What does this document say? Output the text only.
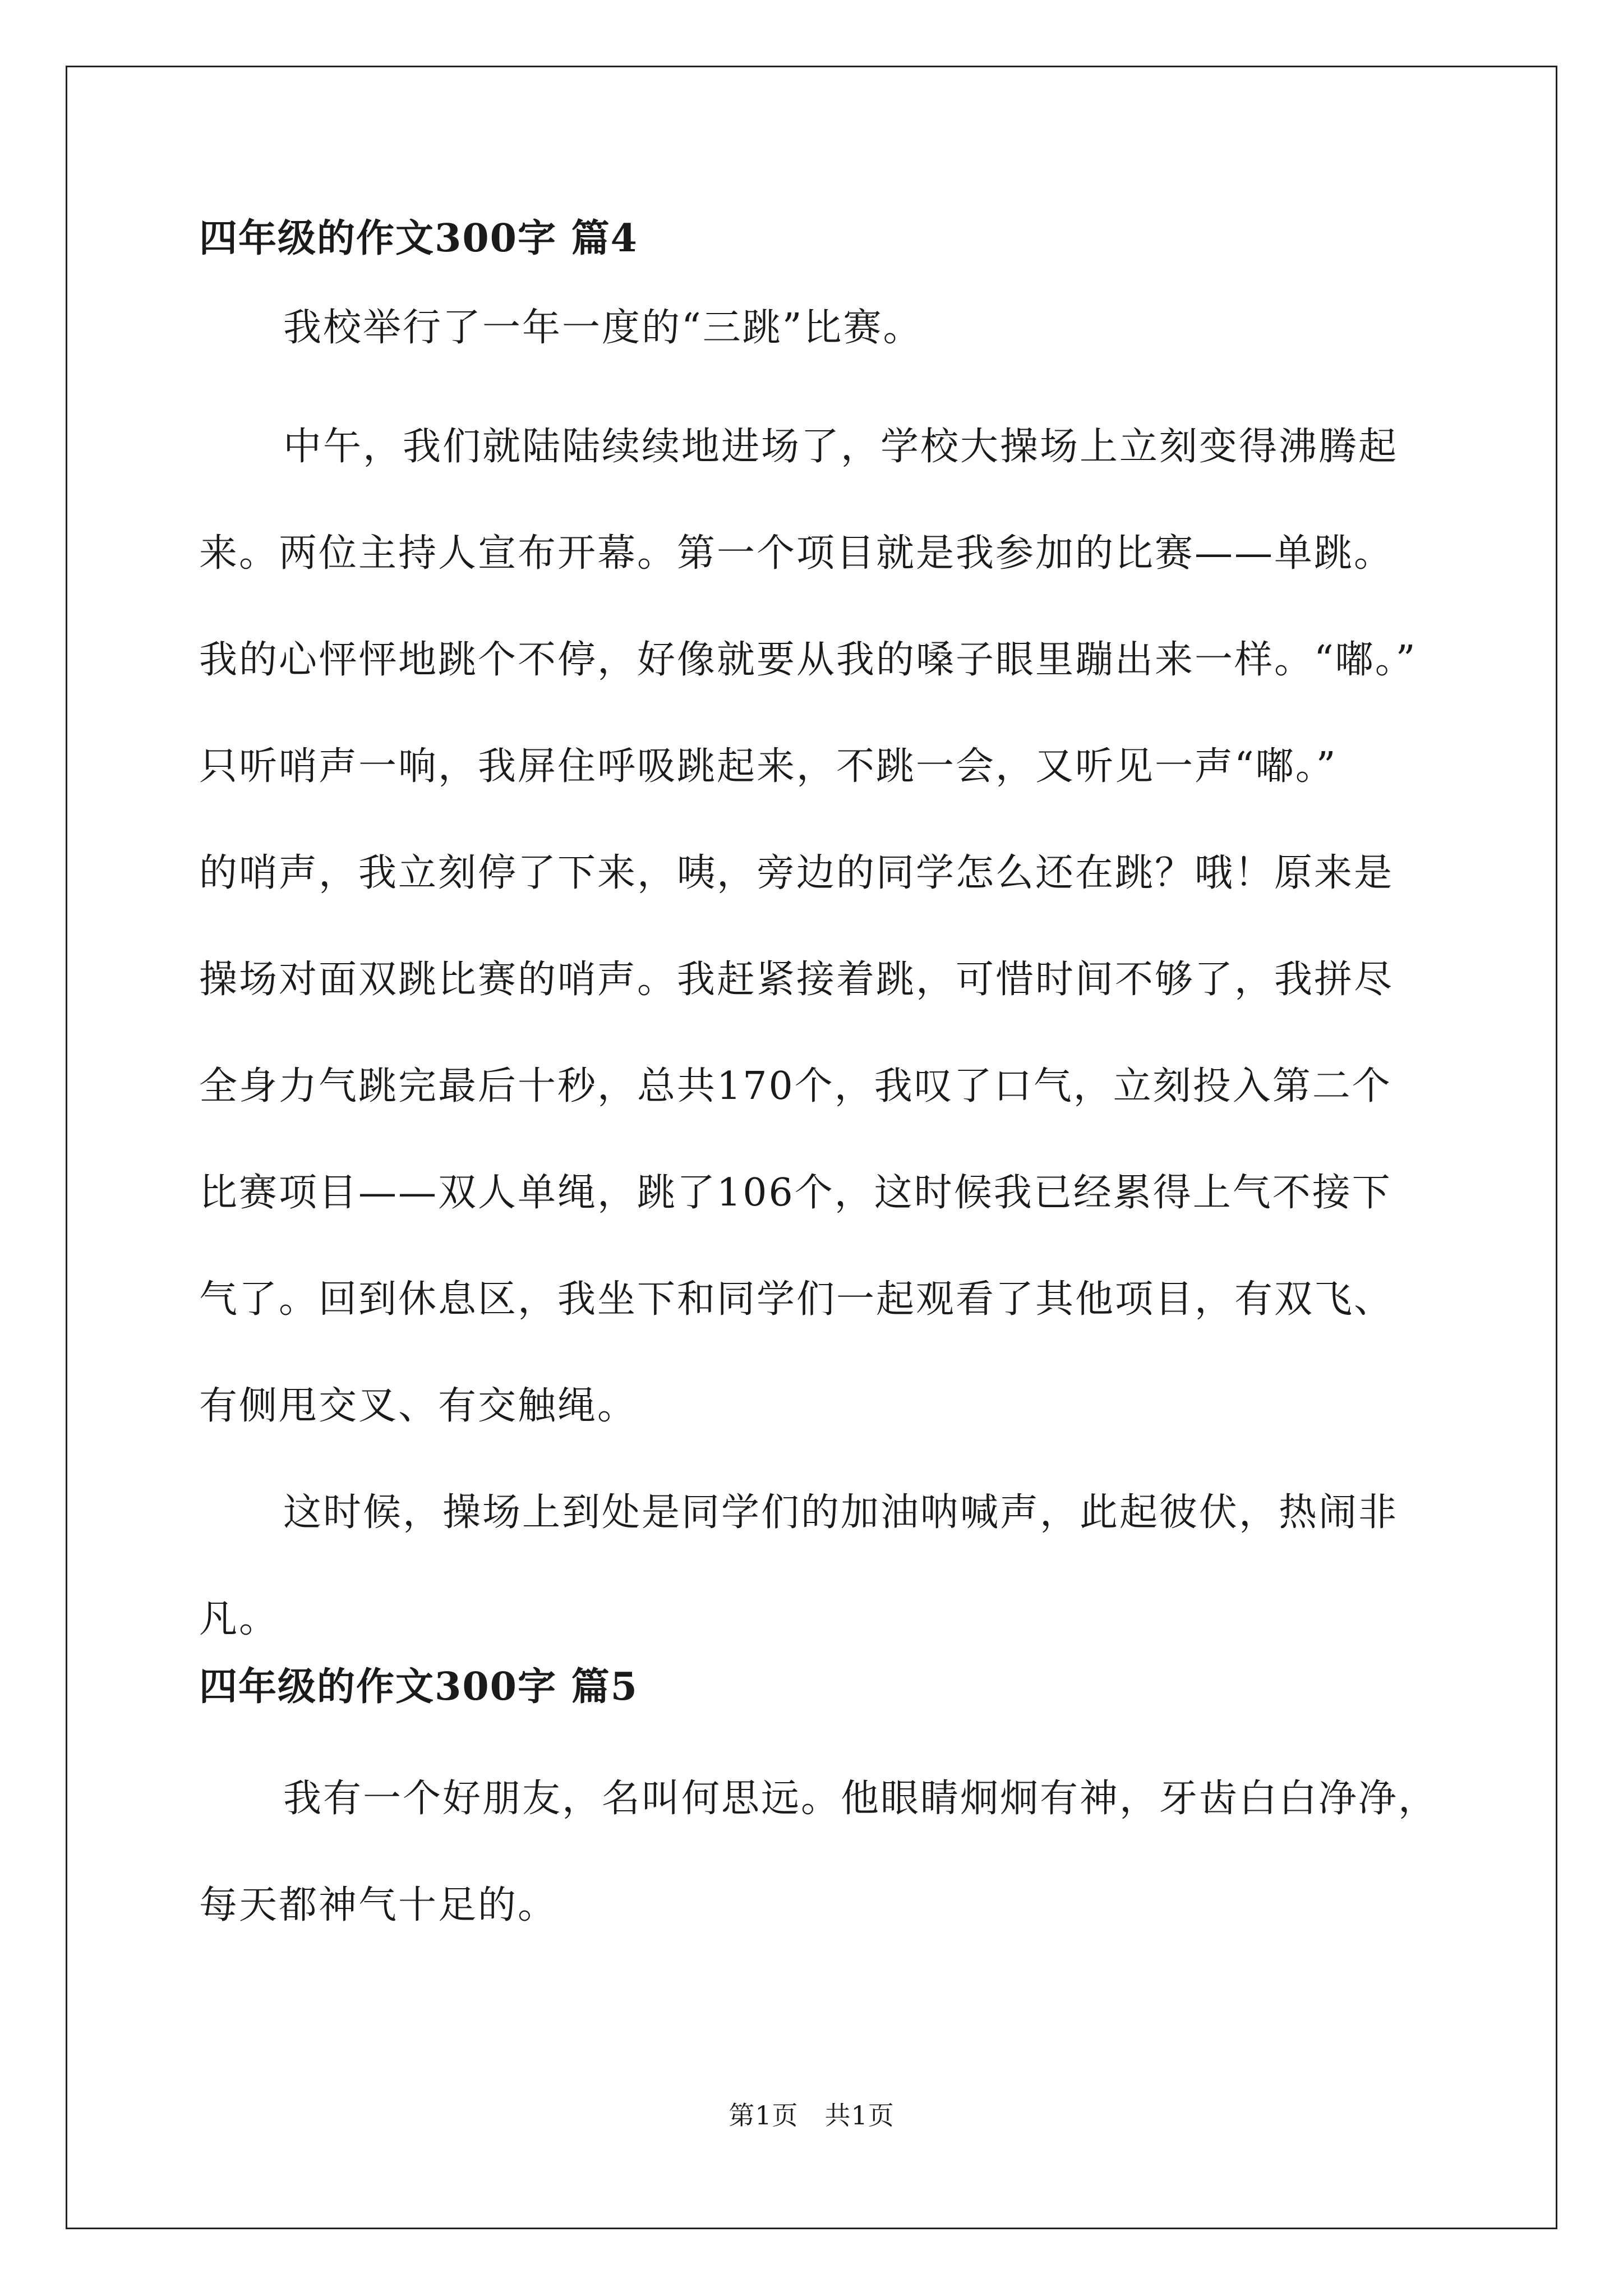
四年级的作文300字 篇4

我校举行了一年一度的“三跳”比赛。

中午，我们就陆陆续续地进场了，学校大操场上立刻变得沸腾起
来。两位主持人宣布开幕。第一个项目就是我参加的比赛——单跳。
我的心怦怦地跳个不停，好像就要从我的嗓子眼里蹦出来一样。“嘟。”
只听哨声一响，我屏住呼吸跳起来，不跳一会，又听见一声“嘟。”
的哨声，我立刻停了下来，咦，旁边的同学怎么还在跳？哦！原来是
操场对面双跳比赛的哨声。我赶紧接着跳，可惜时间不够了，我拼尽
全身力气跳完最后十秒，总共170个，我叹了口气，立刻投入第二个
比赛项目——双人单绳，跳了106个，这时候我已经累得上气不接下
气了。回到休息区，我坐下和同学们一起观看了其他项目，有双飞、
有侧甩交叉、有交触绳。

这时候，操场上到处是同学们的加油呐喊声，此起彼伏，热闹非
凡。

四年级的作文300字 篇5

我有一个好朋友，名叫何思远。他眼睛炯炯有神，牙齿白白净净，
每天都神气十足的。

第1页　共1页
